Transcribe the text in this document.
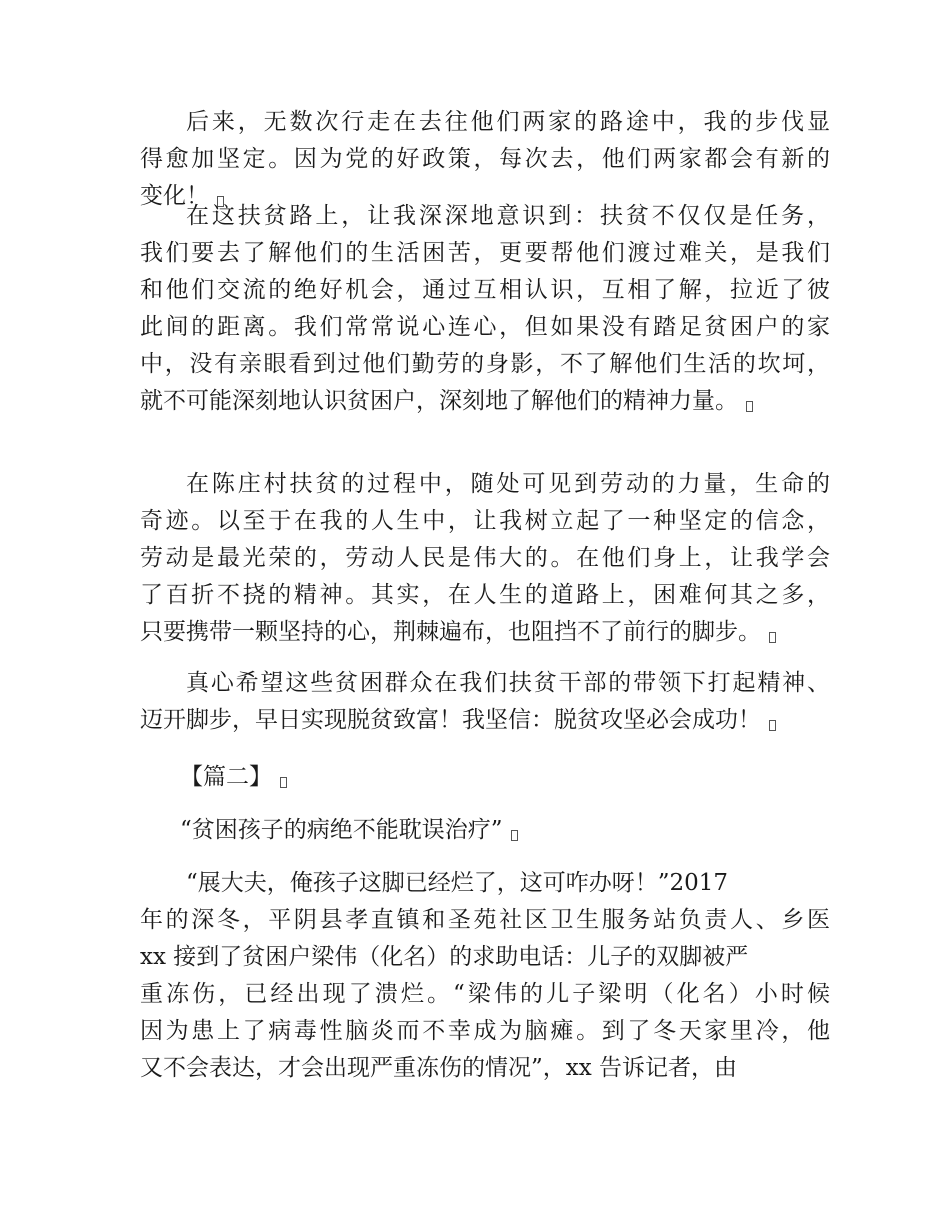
后来，无数次行走在去往他们两家的路途中，我的步伐显
得愈加坚定。因为党的好政策，每次去，他们两家都会有新的
变化！
在这扶贫路上，让我深深地意识到：扶贫不仅仅是任务，
我们要去了解他们的生活困苦，更要帮他们渡过难关，是我们
和他们交流的绝好机会，通过互相认识，互相了解，拉近了彼
此间的距离。我们常常说心连心，但如果没有踏足贫困户的家
中，没有亲眼看到过他们勤劳的身影，不了解他们生活的坎坷，
就不可能深刻地认识贫困户，深刻地了解他们的精神力量。
在陈庄村扶贫的过程中，随处可见到劳动的力量，生命的
奇迹。以至于在我的人生中，让我树立起了一种坚定的信念，
劳动是最光荣的，劳动人民是伟大的。在他们身上，让我学会
了百折不挠的精神。其实，在人生的道路上，困难何其之多，
只要携带一颗坚持的心，荆棘遍布，也阻挡不了前行的脚步。
真心希望这些贫困群众在我们扶贫干部的带领下打起精神、
迈开脚步，早日实现脱贫致富！我坚信：脱贫攻坚必会成功！
【篇二】
“贫困孩子的病绝不能耽误治疗”
“展大夫，俺孩子这脚已经烂了，这可咋办呀！”2017
年的深冬，平阴县孝直镇和圣苑社区卫生服务站负责人、乡医
xx 接到了贫困户梁伟（化名）的求助电话：儿子的双脚被严
重冻伤，已经出现了溃烂。“梁伟的儿子梁明（化名）小时候
因为患上了病毒性脑炎而不幸成为脑瘫。到了冬天家里冷，他
又不会表达，才会出现严重冻伤的情况”，xx 告诉记者，由
